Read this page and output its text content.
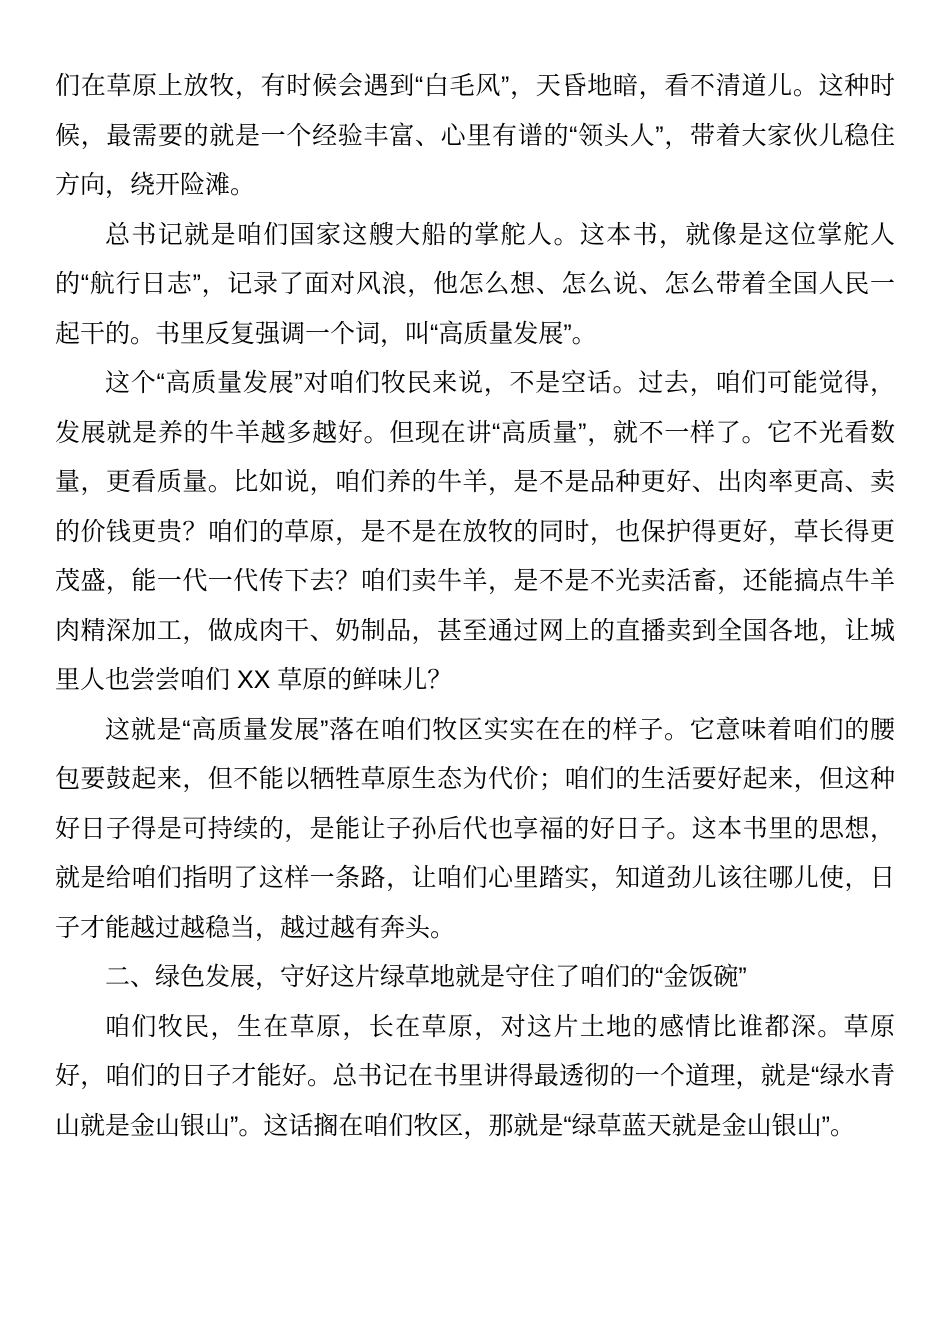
们在草原上放牧，有时候会遇到“白毛风”，天昏地暗，看不清道儿。这种时候，最需要的就是一个经验丰富、心里有谱的“领头人”，带着大家伙儿稳住方向，绕开险滩。

总书记就是咱们国家这艘大船的掌舵人。这本书，就像是这位掌舵人的“航行日志”，记录了面对风浪，他怎么想、怎么说、怎么带着全国人民一起干的。书里反复强调一个词，叫“高质量发展”。

这个“高质量发展”对咱们牧民来说，不是空话。过去，咱们可能觉得，发展就是养的牛羊越多越好。但现在讲“高质量”，就不一样了。它不光看数量，更看质量。比如说，咱们养的牛羊，是不是品种更好、出肉率更高、卖的价钱更贵？咱们的草原，是不是在放牧的同时，也保护得更好，草长得更茂盛，能一代一代传下去？咱们卖牛羊，是不是不光卖活畜，还能搞点牛羊肉精深加工，做成肉干、奶制品，甚至通过网上的直播卖到全国各地，让城里人也尝尝咱们 XX 草原的鲜味儿？

这就是“高质量发展”落在咱们牧区实实在在的样子。它意味着咱们的腰包要鼓起来，但不能以牺牲草原生态为代价；咱们的生活要好起来，但这种好日子得是可持续的，是能让子孙后代也享福的好日子。这本书里的思想，就是给咱们指明了这样一条路，让咱们心里踏实，知道劲儿该往哪儿使，日子才能越过越稳当，越过越有奔头。

二、绿色发展，守好这片绿草地就是守住了咱们的“金饭碗”

咱们牧民，生在草原，长在草原，对这片土地的感情比谁都深。草原好，咱们的日子才能好。总书记在书里讲得最透彻的一个道理，就是“绿水青山就是金山银山”。这话搁在咱们牧区，那就是“绿草蓝天就是金山银山”。
